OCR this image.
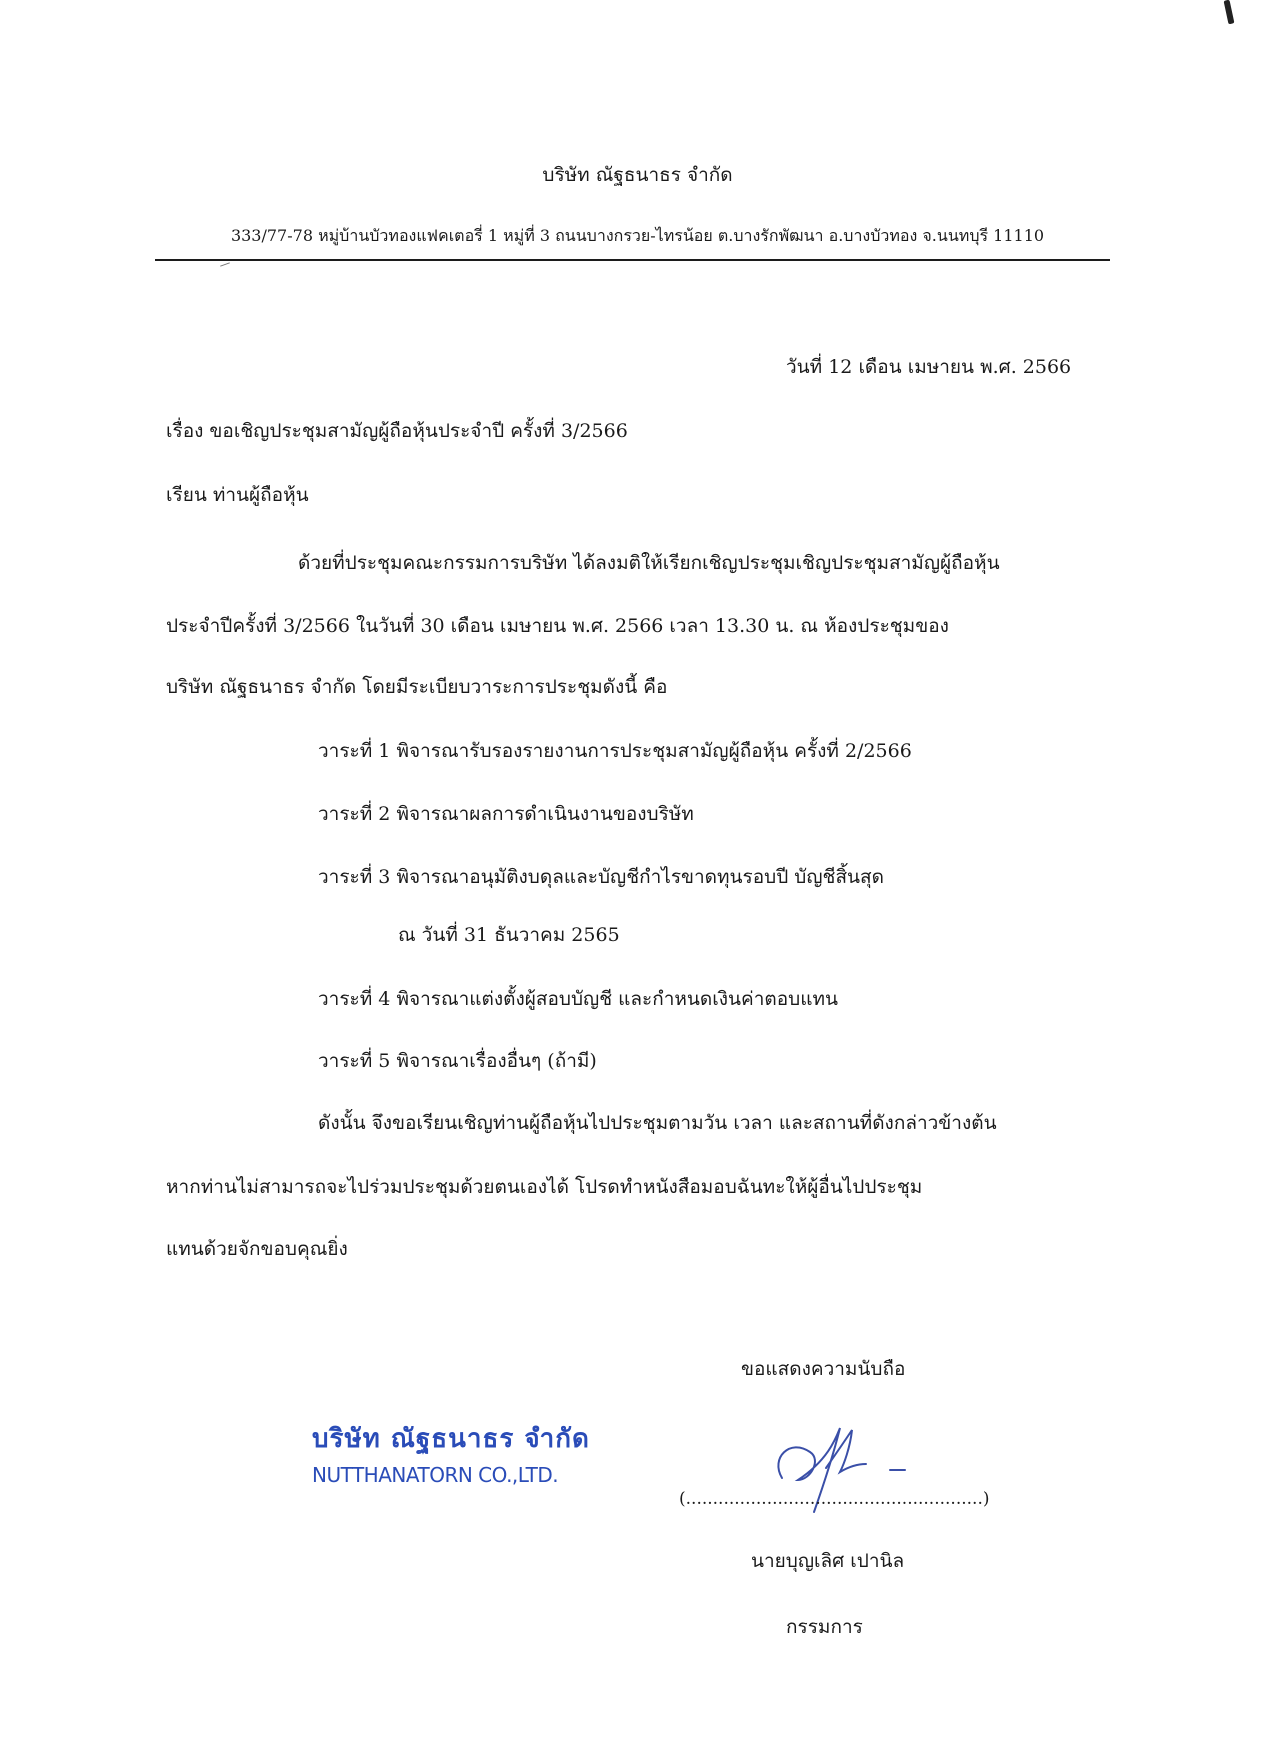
บริษัท ณัฐธนาธร จำกัด
333/77-78 หมู่บ้านบัวทองแฟคเตอรี่ 1 หมู่ที่ 3 ถนนบางกรวย-ไทรน้อย ต.บางรักพัฒนา อ.บางบัวทอง จ.นนทบุรี 11110
วันที่ 12 เดือน เมษายน พ.ศ. 2566
เรื่อง ขอเชิญประชุมสามัญผู้ถือหุ้นประจำปี ครั้งที่ 3/2566
เรียน ท่านผู้ถือหุ้น
ด้วยที่ประชุมคณะกรรมการบริษัท ได้ลงมติให้เรียกเชิญประชุมเชิญประชุมสามัญผู้ถือหุ้น
ประจำปีครั้งที่ 3/2566 ในวันที่ 30 เดือน เมษายน พ.ศ. 2566 เวลา 13.30 น. ณ ห้องประชุมของ
บริษัท ณัฐธนาธร จำกัด โดยมีระเบียบวาระการประชุมดังนี้ คือ
วาระที่ 1 พิจารณารับรองรายงานการประชุมสามัญผู้ถือหุ้น ครั้งที่ 2/2566
วาระที่ 2 พิจารณาผลการดำเนินงานของบริษัท
วาระที่ 3 พิจารณาอนุมัติงบดุลและบัญชีกำไรขาดทุนรอบปี บัญชีสิ้นสุด
ณ วันที่ 31 ธันวาคม 2565
วาระที่ 4 พิจารณาแต่งตั้งผู้สอบบัญชี และกำหนดเงินค่าตอบแทน
วาระที่ 5 พิจารณาเรื่องอื่นๆ (ถ้ามี)
ดังนั้น จึงขอเรียนเชิญท่านผู้ถือหุ้นไปประชุมตามวัน เวลา และสถานที่ดังกล่าวข้างต้น
หากท่านไม่สามารถจะไปร่วมประชุมด้วยตนเองได้ โปรดทำหนังสือมอบฉันทะให้ผู้อื่นไปประชุม
แทนด้วยจักขอบคุณยิ่ง
ขอแสดงความนับถือ
บริษัท ณัฐธนาธร จำกัด
NUTTHANATORN CO.,LTD.
(.......................................................)
นายบุญเลิศ เปานิล
กรรมการ
